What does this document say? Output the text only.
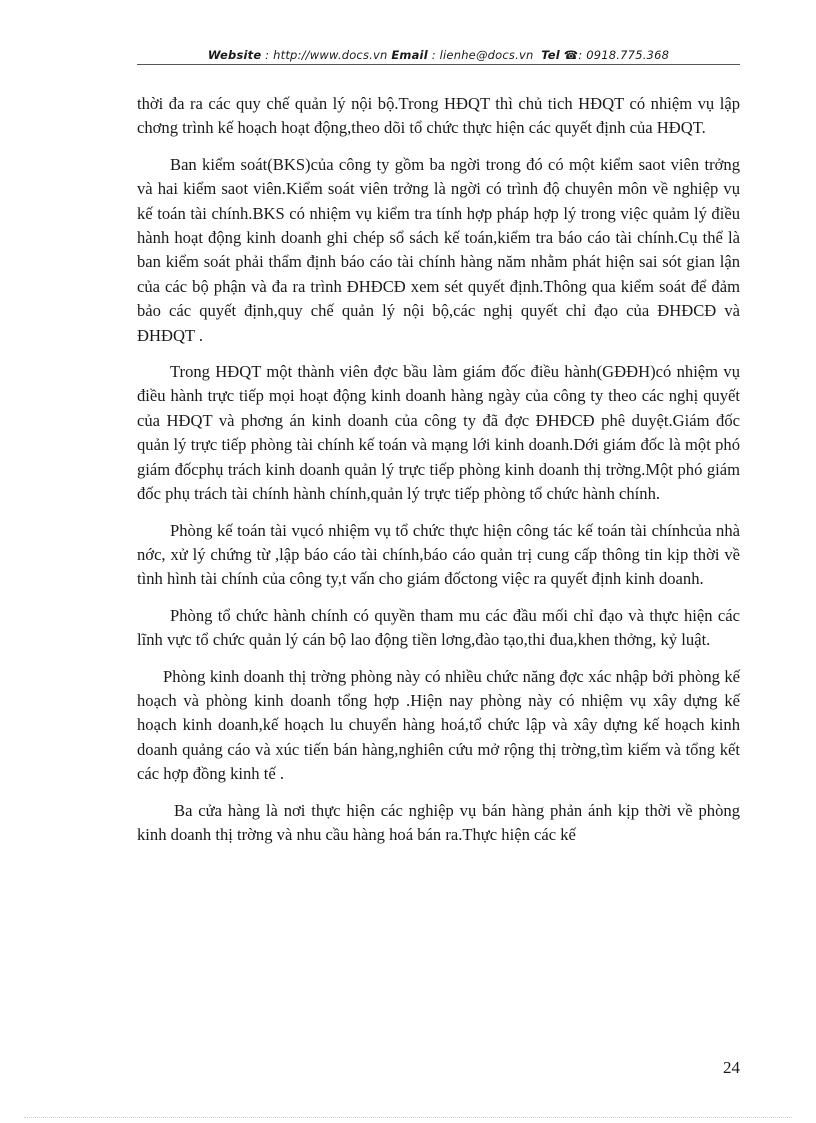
Website : http://www.docs.vn Email : lienhe@docs.vn Tel ☎: 0918.775.368

thời đa ra các quy chế quản lý nội bộ.Trong HĐQT thì chủ tich HĐQT có nhiệm vụ lập chơng trình kế hoạch hoạt động,theo dõi tổ chức thực hiện các quyết định của HĐQT.

Ban kiểm soát(BKS)của công ty gồm ba ngời trong đó có một kiểm saot viên trởng và hai kiểm saot viên.Kiểm soát viên trởng là ngời có trình độ chuyên môn về nghiệp vụ kế toán tài chính.BKS có nhiệm vụ kiểm tra tính hợp pháp hợp lý trong việc quảm lý điều hành hoạt động kinh doanh ghi chép sổ sách kế toán,kiểm tra báo cáo tài chính.Cụ thể là ban kiểm soát phải thẩm định báo cáo tài chính hàng năm nhằm phát hiện sai sót gian lận của các bộ phận và đa ra trình ĐHĐCĐ xem sét quyết định.Thông qua kiểm soát để đảm bảo các quyết định,quy chế quản lý nội bộ,các nghị quyết chỉ đạo của ĐHĐCĐ và ĐHĐQT .

Trong HĐQT một thành viên đợc bầu làm giám đốc điều hành(GĐĐH)có nhiệm vụ điều hành trực tiếp mọi hoạt động kinh doanh hàng ngày của công ty theo các nghị quyết của HĐQT và phơng án kinh doanh của công ty đã đợc ĐHĐCĐ phê duyệt.Giám đốc quản lý trực tiếp phòng tài chính kế toán và mạng lới kinh doanh.Dới giám đốc là một phó giám đốcphụ trách kinh doanh quản lý trực tiếp phòng kinh doanh thị trờng.Một phó giám đốc phụ trách tài chính hành chính,quản lý trực tiếp phòng tổ chức hành chính.

Phòng kế toán tài vụcó nhiệm vụ tổ chức thực hiện công tác kế toán tài chínhcủa nhà nớc, xử lý chứng từ ,lập báo cáo tài chính,báo cáo quản trị cung cấp thông tin kịp thời về tình hình tài chính của công ty,t vấn cho giám đốctong việc ra quyết định kinh doanh.

Phòng tổ chức hành chính có quyền tham mu các đầu mối chỉ đạo và thực hiện các lĩnh vực tổ chức quản lý cán bộ lao động tiền lơng,đào tạo,thi đua,khen thởng, kỷ luật.

Phòng kinh doanh thị trờng phòng này có nhiều chức năng đợc xác nhập bởi phòng kế hoạch và phòng kinh doanh tổng hợp .Hiện nay phòng này có nhiệm vụ xây dựng kế hoạch kinh doanh,kế hoạch lu chuyển hàng hoá,tổ chức lập và xây dựng kế hoạch kinh doanh quảng cáo và xúc tiến bán hàng,nghiên cứu mở rộng thị trờng,tìm kiếm và tổng kết các hợp đồng kinh tế .

Ba cửa hàng là nơi thực hiện các nghiệp vụ bán hàng phản ánh kịp thời về phòng kinh doanh thị trờng và nhu cầu hàng hoá bán ra.Thực hiện các kế

24
